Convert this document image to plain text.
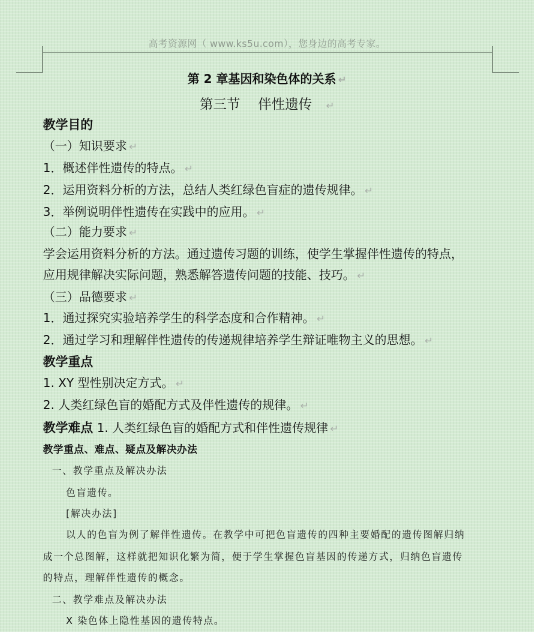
高考资源网（ www.ks5u.com），您身边的高考专家。
第 2 章基因和染色体的关系 ↵
第三节　 伴性遗传 ↵
教学目的
（一）知识要求 ↵
1．概述伴性遗传的特点。 ↵
2．运用资料分析的方法，总结人类红绿色盲症的遗传规律。 ↵
3．举例说明伴性遗传在实践中的应用。 ↵
（二）能力要求 ↵
学会运用资料分析的方法。通过遗传习题的训练，使学生掌握伴性遗传的特点，
应用规律解决实际问题，熟悉解答遗传问题的技能、技巧。 ↵
（三）品德要求 ↵
1．通过探究实验培养学生的科学态度和合作精神。 ↵
2．通过学习和理解伴性遗传的传递规律培养学生辩证唯物主义的思想。 ↵
教学重点
1. XY 型性别决定方式。 ↵
2. 人类红绿色盲的婚配方式及伴性遗传的规律。 ↵
教学难点 1. 人类红绿色盲的婚配方式和伴性遗传规律 ↵
教学重点、难点、疑点及解决办法
一、教学重点及解决办法
色盲遗传。
[解决办法]
以人的色盲为例了解伴性遗传。在教学中可把色盲遗传的四种主要婚配的遗传图解归纳
成一个总图解，这样就把知识化繁为简，便于学生掌握色盲基因的传递方式，归纳色盲遗传
的特点，理解伴性遗传的概念。
二、教学难点及解决办法
X 染色体上隐性基因的遗传特点。
